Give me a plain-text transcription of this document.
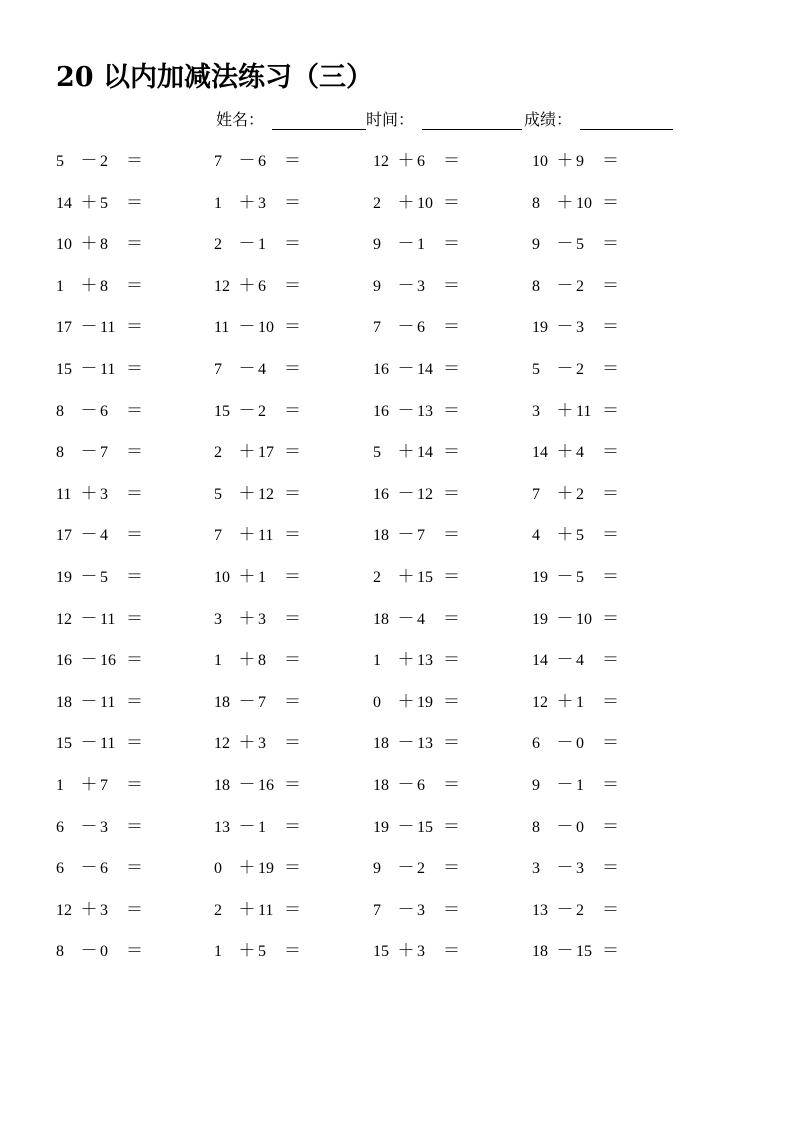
20 以内加减法练习（三）
姓名：	时间：	成绩：
5 － 2 ＝	7 － 6 ＝	12 ＋ 6 ＝	10 ＋ 9 ＝
14 ＋ 5 ＝	1 ＋ 3 ＝	2 ＋ 10 ＝	8 ＋ 10 ＝
10 ＋ 8 ＝	2 － 1 ＝	9 － 1 ＝	9 － 5 ＝
1 ＋ 8 ＝	12 ＋ 6 ＝	9 － 3 ＝	8 － 2 ＝
17 － 11 ＝	11 － 10 ＝	7 － 6 ＝	19 － 3 ＝
15 － 11 ＝	7 － 4 ＝	16 － 14 ＝	5 － 2 ＝
8 － 6 ＝	15 － 2 ＝	16 － 13 ＝	3 ＋ 11 ＝
8 － 7 ＝	2 ＋ 17 ＝	5 ＋ 14 ＝	14 ＋ 4 ＝
11 ＋ 3 ＝	5 ＋ 12 ＝	16 － 12 ＝	7 ＋ 2 ＝
17 － 4 ＝	7 ＋ 11 ＝	18 － 7 ＝	4 ＋ 5 ＝
19 － 5 ＝	10 ＋ 1 ＝	2 ＋ 15 ＝	19 － 5 ＝
12 － 11 ＝	3 ＋ 3 ＝	18 － 4 ＝	19 － 10 ＝
16 － 16 ＝	1 ＋ 8 ＝	1 ＋ 13 ＝	14 － 4 ＝
18 － 11 ＝	18 － 7 ＝	0 ＋ 19 ＝	12 ＋ 1 ＝
15 － 11 ＝	12 ＋ 3 ＝	18 － 13 ＝	6 － 0 ＝
1 ＋ 7 ＝	18 － 16 ＝	18 － 6 ＝	9 － 1 ＝
6 － 3 ＝	13 － 1 ＝	19 － 15 ＝	8 － 0 ＝
6 － 6 ＝	0 ＋ 19 ＝	9 － 2 ＝	3 － 3 ＝
12 ＋ 3 ＝	2 ＋ 11 ＝	7 － 3 ＝	13 － 2 ＝
8 － 0 ＝	1 ＋ 5 ＝	15 ＋ 3 ＝	18 － 15 ＝
